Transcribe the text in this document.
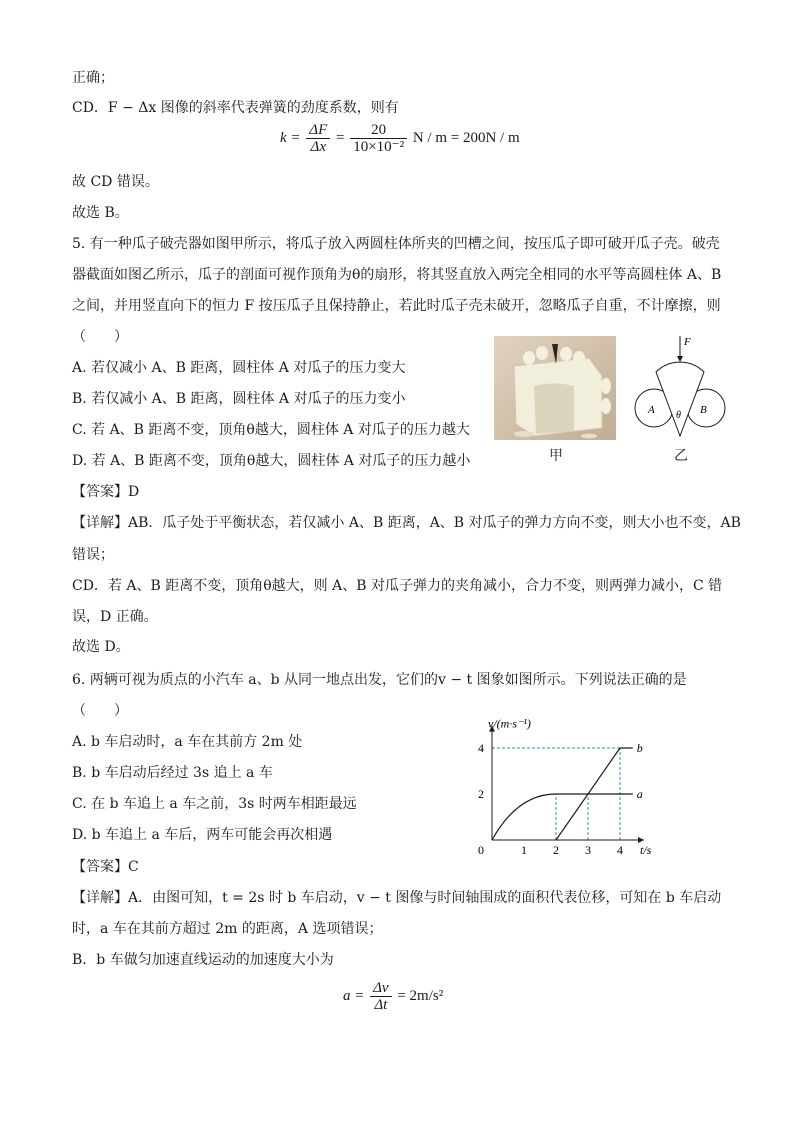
正确；
CD．F − Δx 图像的斜率代表弹簧的劲度系数，则有
$k = \frac{\Delta F}{\Delta x} = \frac{20}{\text{10×10⁻²}}$ N / m = 200N / m
故 CD 错误。
故选 B。
5. 有一种瓜子破壳器如图甲所示，将瓜子放入两圆柱体所夹的凹槽之间，按压瓜子即可破开瓜子壳。破壳
器截面如图乙所示，瓜子的剖面可视作顶角为θ的扇形，将其竖直放入两完全相同的水平等高圆柱体 A、B
之间，并用竖直向下的恒力 F 按压瓜子且保持静止，若此时瓜子壳未破开，忽略瓜子自重，不计摩擦，则
（　　）
A. 若仅减小 A、B 距离，圆柱体 A 对瓜子的压力变大
B. 若仅减小 A、B 距离，圆柱体 A 对瓜子的压力变小
C. 若 A、B 距离不变，顶角θ越大，圆柱体 A 对瓜子的压力越大
D. 若 A、B 距离不变，顶角θ越大，圆柱体 A 对瓜子的压力越小	甲
F
A	B
θ
乙
【答案】D
【详解】AB．瓜子处于平衡状态，若仅减小 A、B 距离，A、B 对瓜子的弹力方向不变，则大小也不变，AB
错误；
CD．若 A、B 距离不变，顶角θ越大，则 A、B 对瓜子弹力的夹角减小，合力不变，则两弹力减小，C 错
误，D 正确。
故选 D。
6. 两辆可视为质点的小汽车 a、b 从同一地点出发，它们的v − t 图象如图所示。下列说法正确的是
（　　）
A. b 车启动时，a 车在其前方 2m 处
B. b 车启动后经过 3s 追上 a 车
C. 在 b 车追上 a 车之前，3s 时两车相距最远
D. b 车追上 a 车后，两车可能会再次相遇
t/s
v/(m·s⁻¹)
0	1 2 3 4
2
4
a
b
【答案】C
【详解】A．由图可知，t = 2s 时 b 车启动，v − t 图像与时间轴围成的面积代表位移，可知在 b 车启动
时，a 车在其前方超过 2m 的距离，A 选项错误；
B．b 车做匀加速直线运动的加速度大小为
$a = \frac{\Delta v}{\Delta t} = 2m/s^2$
